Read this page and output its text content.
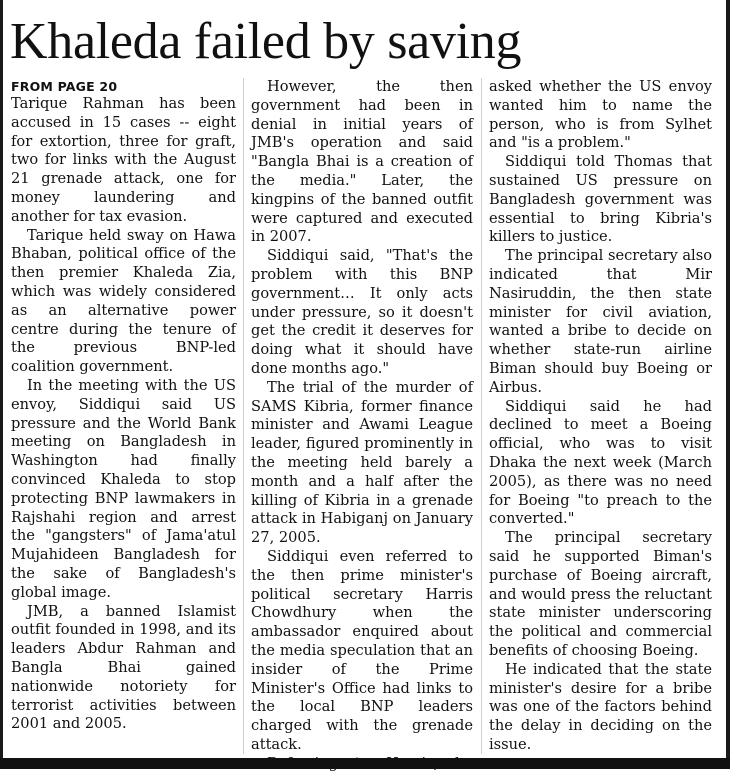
Khaleda failed by saving
FROM PAGE 20

Tarique Rahman has been accused in 15 cases -- eight for extortion, three for graft, two for links with the August 21 grenade attack, one for money laundering and another for tax evasion.

Tarique held sway on Hawa Bhaban, political office of the then premier Khaleda Zia, which was widely considered as an alternative power centre during the tenure of the previous BNP-led coalition government.

In the meeting with the US envoy, Siddiqui said US pressure and the World Bank meeting on Bangladesh in Washington had finally convinced Khaleda to stop protecting BNP lawmakers in Rajshahi region and arrest the "gangsters" of Jama'atul Mujahideen Bangladesh for the sake of Bangladesh's global image.

JMB, a banned Islamist outfit founded in 1998, and its leaders Abdur Rahman and Bangla Bhai gained nationwide notoriety for terrorist activities between 2001 and 2005.

However, the then government had been in denial in initial years of JMB's operation and said "Bangla Bhai is a creation of the media." Later, the kingpins of the banned outfit were captured and executed in 2007.

Siddiqui said, "That's the problem with this BNP government… It only acts under pressure, so it doesn't get the credit it deserves for doing what it should have done months ago."

The trial of the murder of SAMS Kibria, former finance minister and Awami League leader, figured prominently in the meeting held barely a month and a half after the killing of Kibria in a grenade attack in Habiganj on January 27, 2005.

Siddiqui even referred to the then prime minister's political secretary Harris Chowdhury when the ambassador enquired about the media speculation that an insider of the Prime Minister's Office had links to the local BNP leaders charged with the grenade attack.

asked whether the US envoy wanted him to name the person, who is from Sylhet and "is a problem."

Siddiqui told Thomas that sustained US pressure on Bangladesh government was essential to bring Kibria's killers to justice.

The principal secretary also indicated that Mir Nasiruddin, the then state minister for civil aviation, wanted a bribe to decide on whether state-run airline Biman should buy Boeing or Airbus.

Siddiqui said he had declined to meet a Boeing official, who was to visit Dhaka the next week (March 2005), as there was no need for Boeing "to preach to the converted."

The principal secretary said he supported Biman's purchase of Boeing aircraft, and would press the reluctant state minister underscoring the political and commercial benefits of choosing Boeing.

He indicated that the state minister's desire for a bribe was one of the factors behind the delay in deciding on the issue.
